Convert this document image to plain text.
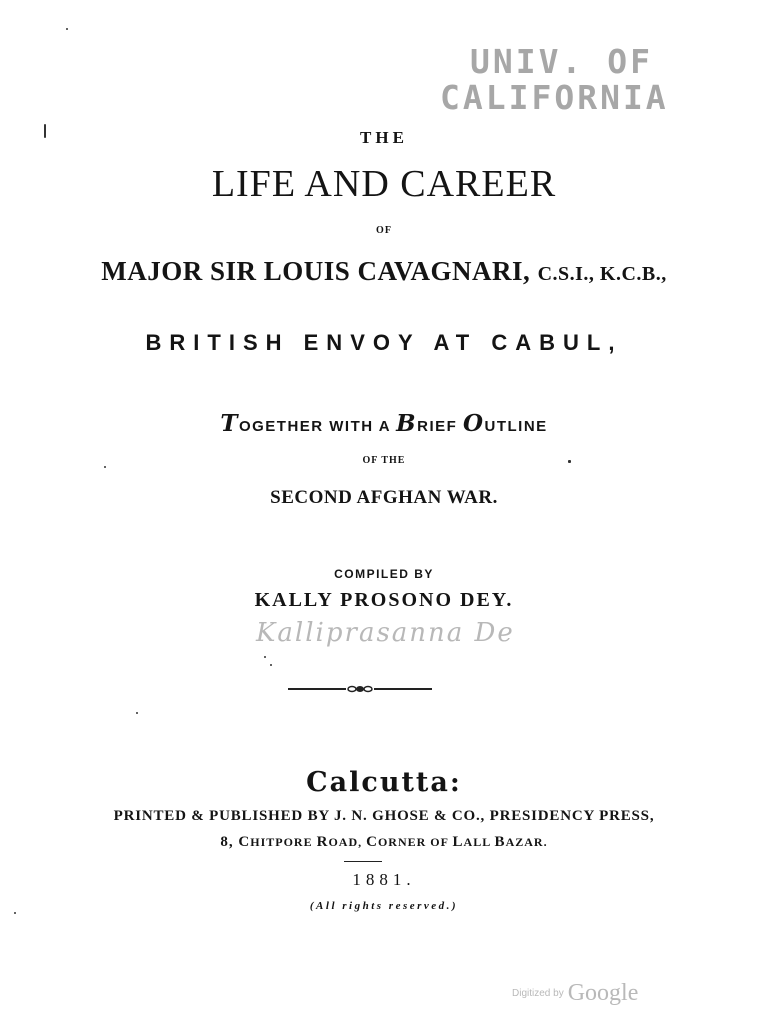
UNIV. OF
CALIFORNIA
THE
LIFE AND CAREER
OF
MAJOR SIR LOUIS CAVAGNARI, C.S.I., K.C.B.,
BRITISH ENVOY AT CABUL,
TOGETHER WITH A BRIEF OUTLINE
OF THE
SECOND AFGHAN WAR.
COMPILED BY
KALLY PROSONO DEY.
Kalliprasanna De
Calcutta:
PRINTED & PUBLISHED BY J. N. GHOSE & CO., PRESIDENCY PRESS,
8, CHITPORE ROAD, CORNER OF LALL BAZAR.
1881.
(All rights reserved.)
Digitized by Google
